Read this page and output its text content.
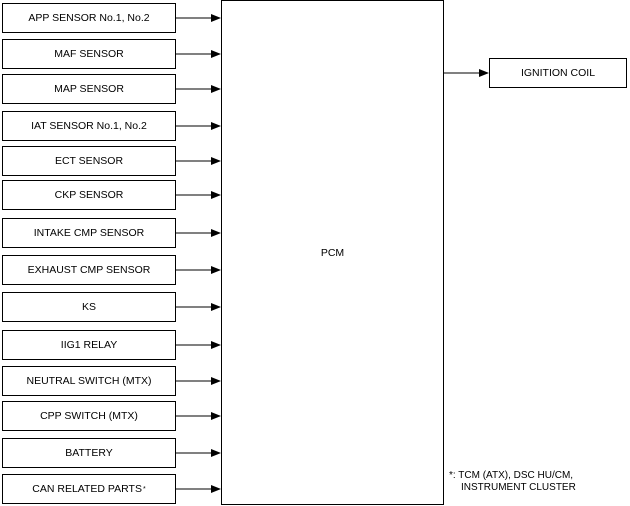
APP SENSOR No.1, No.2
MAF SENSOR
MAP SENSOR
IAT SENSOR No.1, No.2
ECT SENSOR
CKP SENSOR
INTAKE CMP SENSOR
EXHAUST CMP SENSOR
KS
IIG1 RELAY
NEUTRAL SWITCH (MTX)
CPP SWITCH (MTX)
BATTERY
CAN RELATED PARTS *
PCM
IGNITION COIL
*: TCM (ATX), DSC HU/CM,
INSTRUMENT CLUSTER
